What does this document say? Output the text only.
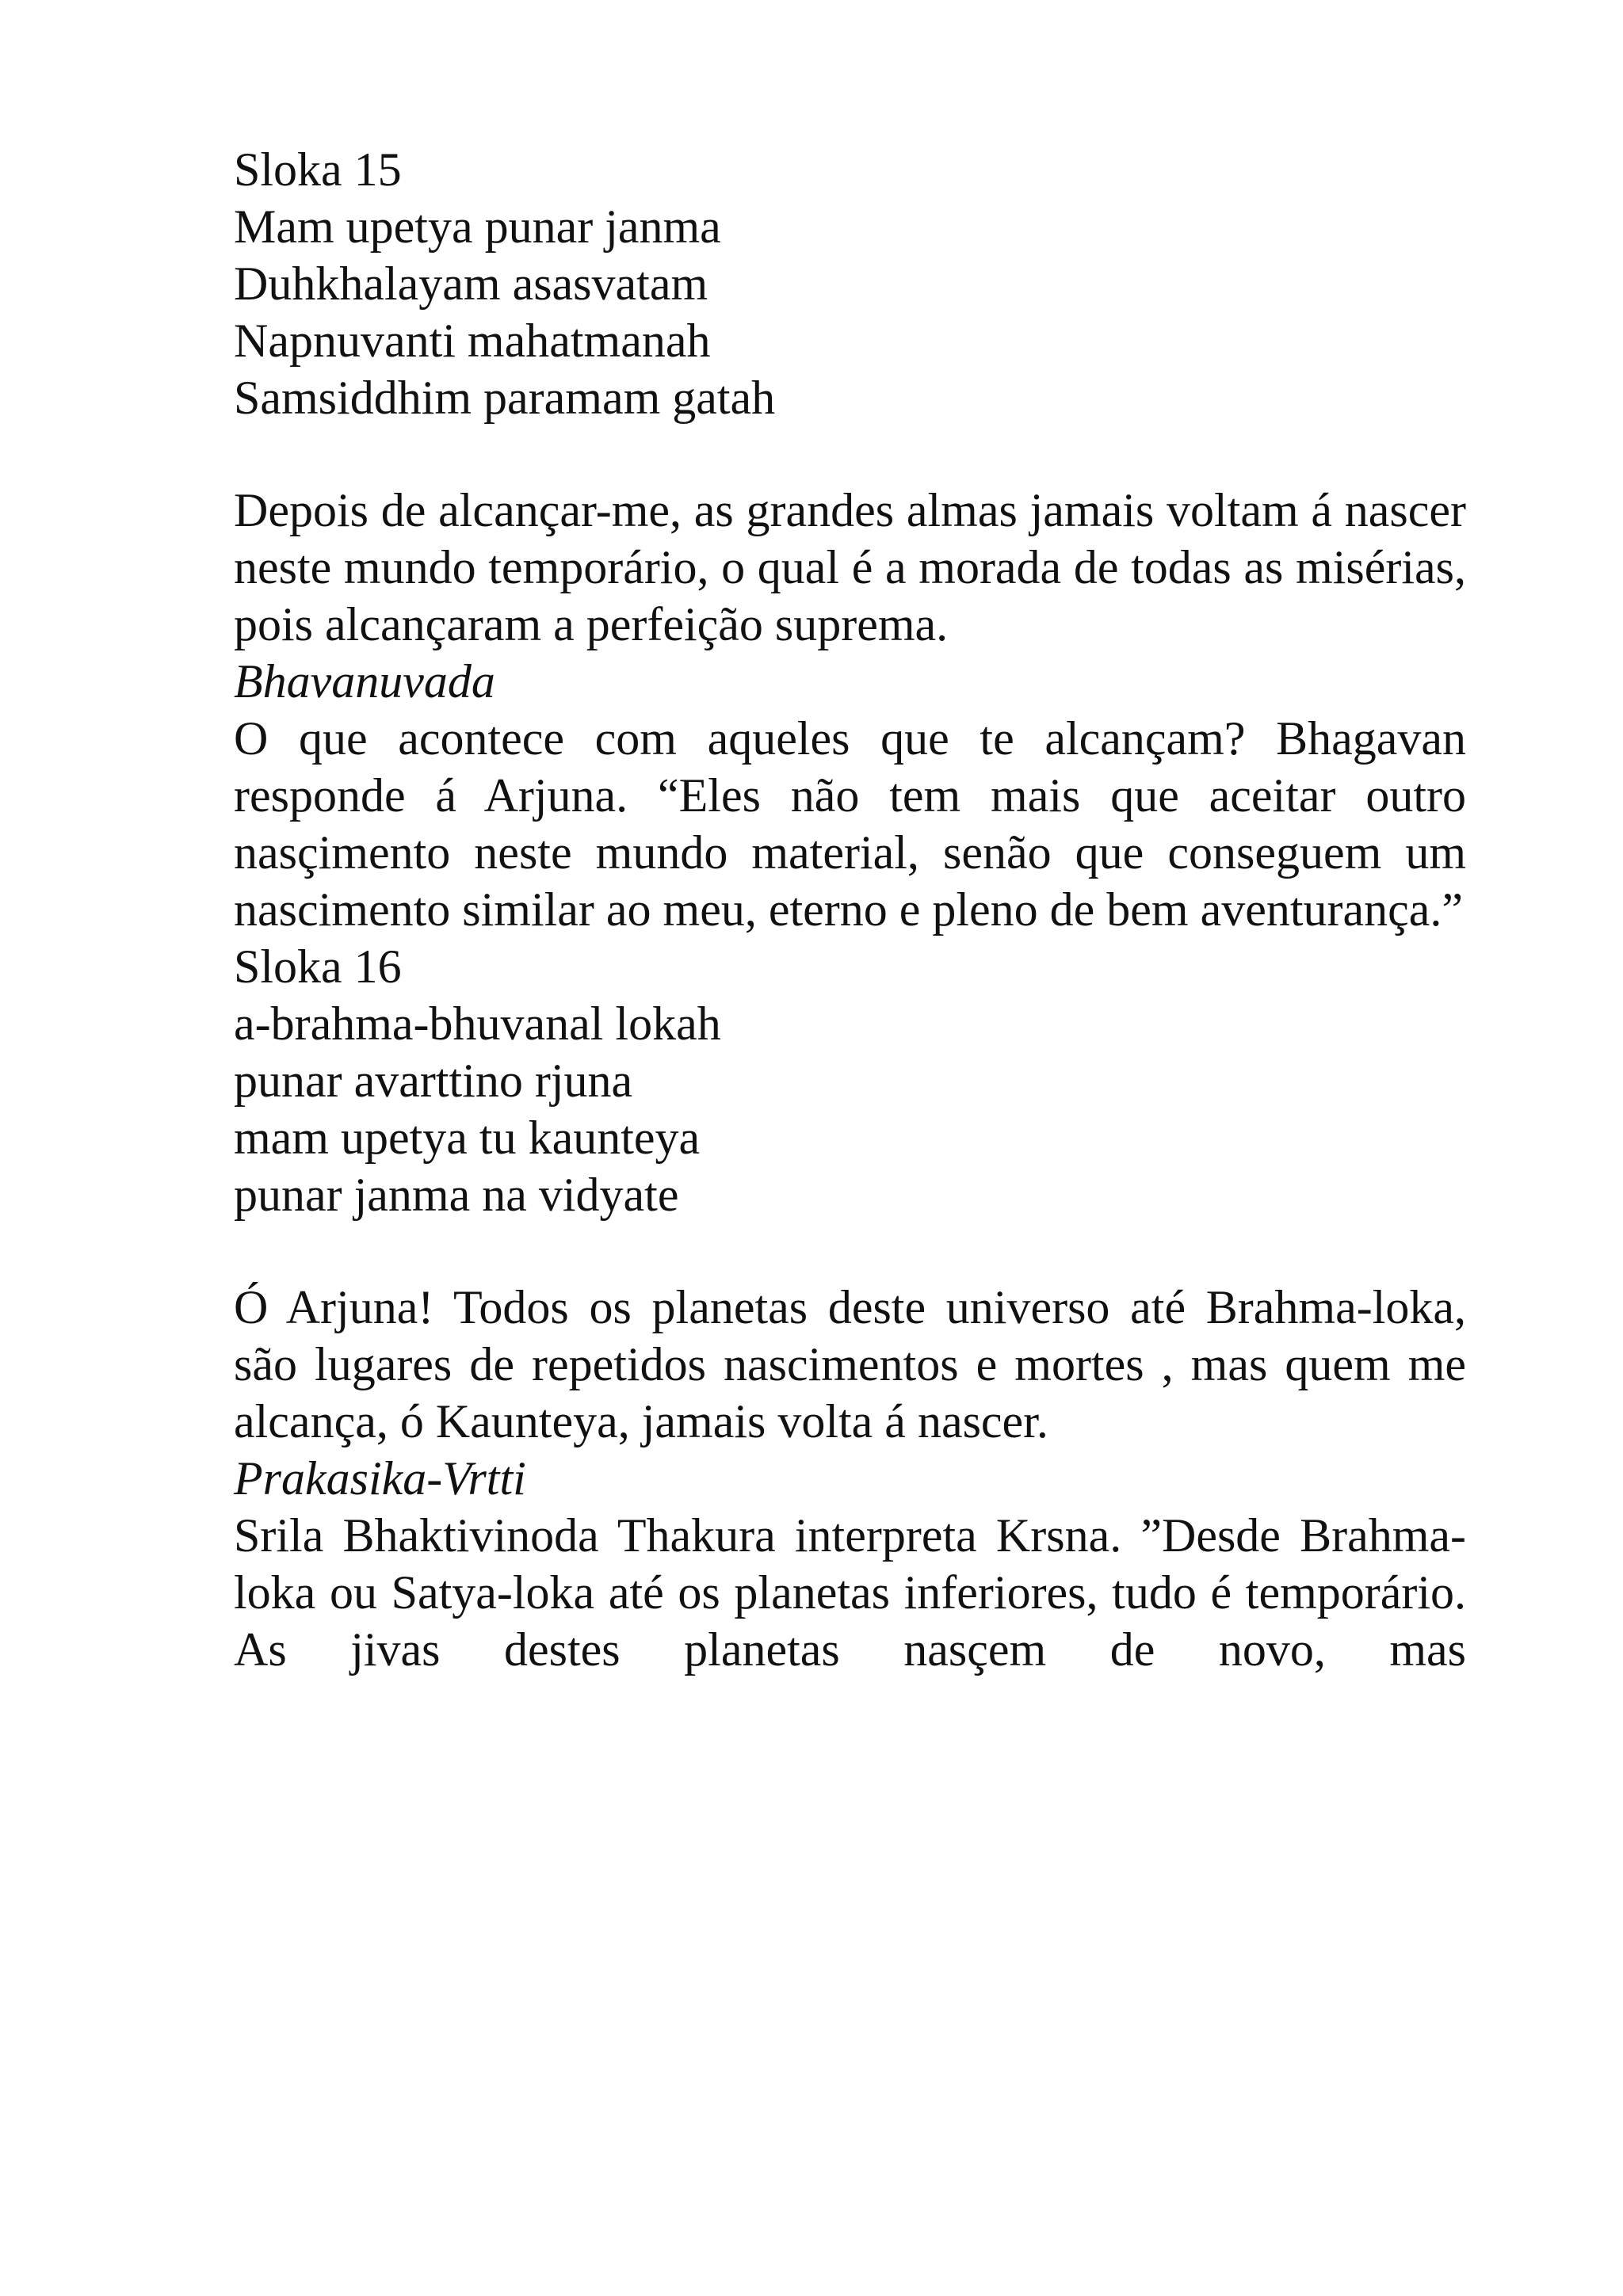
Sloka 15

Mam upetya punar janma
Duhkhalayam asasvatam
Napnuvanti mahatmanah
Samsiddhim paramam gatah

Depois de alcançar-me, as grandes almas jamais voltam á nascer neste mundo temporário, o qual é a morada de todas as misérias, pois alcançaram a perfeição suprema.

Bhavanuvada

O que acontece com aqueles que te alcançam? Bhagavan responde á Arjuna. “Eles não tem mais que aceitar outro nasçimento neste mundo material, senão que conseguem um nascimento similar ao meu, eterno e pleno de bem aventurança.”

Sloka 16

a-brahma-bhuvanal lokah
punar avarttino rjuna
mam upetya tu kaunteya
punar janma na vidyate

Ó Arjuna! Todos os planetas deste universo até Brahma-loka, são lugares de repetidos nascimentos e mortes , mas quem me alcança, ó Kaunteya, jamais volta á nascer.

Prakasika-Vrtti

Srila Bhaktivinoda Thakura interpreta Krsna. ”Desde Brahma-loka ou Satya-loka até os planetas inferiores, tudo é temporário. As jivas destes planetas nasçem de novo, mas
